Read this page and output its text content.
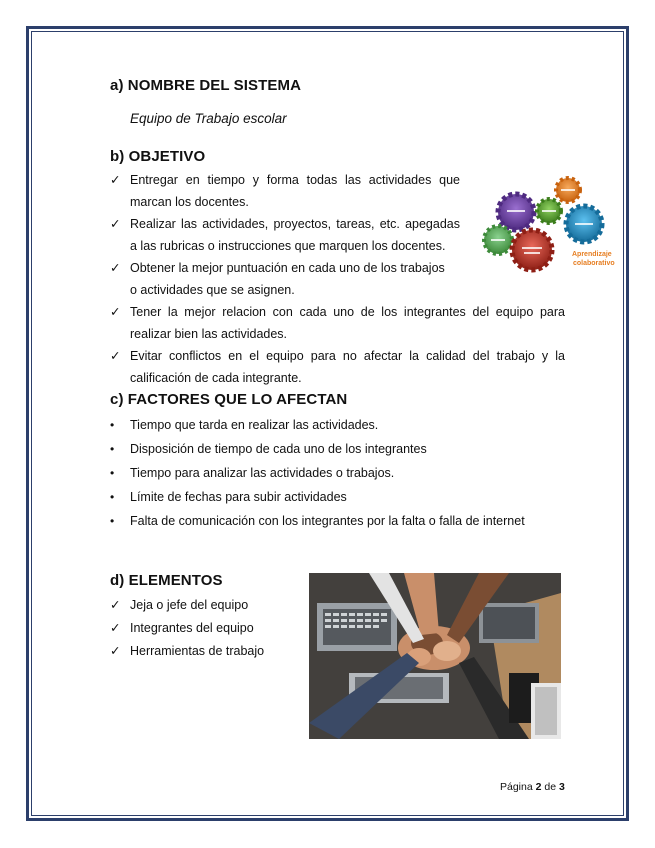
a) NOMBRE DEL SISTEMA
Equipo de Trabajo escolar
b) OBJETIVO
✓ Entregar en tiempo y forma todas las actividades que
marcan los docentes.
✓ Realizar las actividades, proyectos, tareas, etc. apegadas
a las rubricas o instrucciones que marquen los docentes.
✓ Obtener la mejor puntuación en cada uno de los trabajos
o actividades que se asignen.
✓ Tener la mejor relacion con cada uno de los integrantes del equipo para
realizar bien las actividades.
✓ Evitar conflictos en el equipo para no afectar la calidad del trabajo y la
calificación de cada integrante.
Aprendizaje
colaborativo
c) FACTORES QUE LO AFECTAN
•	Tiempo que tarda en realizar las actividades.
•	Disposición de tiempo de cada uno de los integrantes
•	Tiempo para analizar las actividades o trabajos.
•	Límite de fechas para subir actividades
•	Falta de comunicación con los integrantes por la falta o falla de internet
d) ELEMENTOS
✓ Jeja o jefe del equipo
✓ Integrantes del equipo
✓ Herramientas de trabajo
Página 2 de 3
